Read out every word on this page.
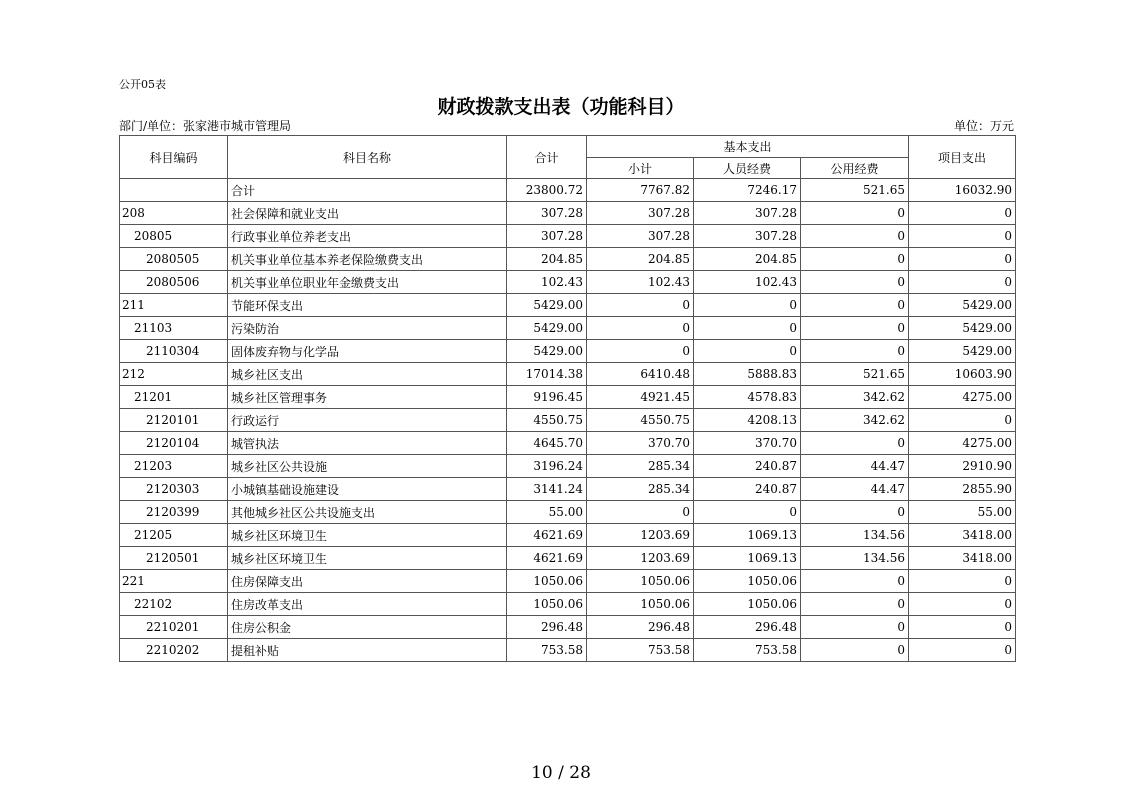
公开05表
财政拨款支出表（功能科目）
部门/单位：张家港市城市管理局	单位：万元
科目编码	科目名称	合计	基本支出			项目支出
			小计	人员经费	公用经费	
	合计	23800.72	7767.82	7246.17	521.65	16032.90
208	社会保障和就业支出	307.28	307.28	307.28	0	0
20805	行政事业单位养老支出	307.28	307.28	307.28	0	0
2080505	机关事业单位基本养老保险缴费支出	204.85	204.85	204.85	0	0
2080506	机关事业单位职业年金缴费支出	102.43	102.43	102.43	0	0
211	节能环保支出	5429.00	0	0	0	5429.00
21103	污染防治	5429.00	0	0	0	5429.00
2110304	固体废弃物与化学品	5429.00	0	0	0	5429.00
212	城乡社区支出	17014.38	6410.48	5888.83	521.65	10603.90
21201	城乡社区管理事务	9196.45	4921.45	4578.83	342.62	4275.00
2120101	行政运行	4550.75	4550.75	4208.13	342.62	0
2120104	城管执法	4645.70	370.70	370.70	0	4275.00
21203	城乡社区公共设施	3196.24	285.34	240.87	44.47	2910.90
2120303	小城镇基础设施建设	3141.24	285.34	240.87	44.47	2855.90
2120399	其他城乡社区公共设施支出	55.00	0	0	0	55.00
21205	城乡社区环境卫生	4621.69	1203.69	1069.13	134.56	3418.00
2120501	城乡社区环境卫生	4621.69	1203.69	1069.13	134.56	3418.00
221	住房保障支出	1050.06	1050.06	1050.06	0	0
22102	住房改革支出	1050.06	1050.06	1050.06	0	0
2210201	住房公积金	296.48	296.48	296.48	0	0
2210202	提租补贴	753.58	753.58	753.58	0	0
10 / 28
